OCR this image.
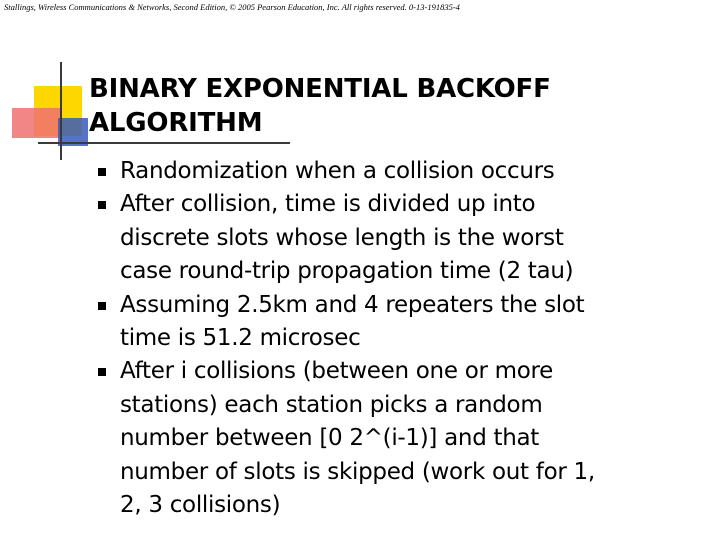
Stallings, Wireless Communications & Networks, Second Edition, © 2005 Pearson Education, Inc. All rights reserved. 0-13-191835-4
BINARY EXPONENTIAL BACKOFF
ALGORITHM
Randomization when a collision occurs
After collision, time is divided up into
discrete slots whose length is the worst
case round-trip propagation time (2 tau)
Assuming 2.5km and 4 repeaters the slot
time is 51.2 microsec
After i collisions (between one or more
stations) each station picks a random
number between [0 2^(i-1)] and that
number of slots is skipped (work out for 1,
2, 3 collisions)
